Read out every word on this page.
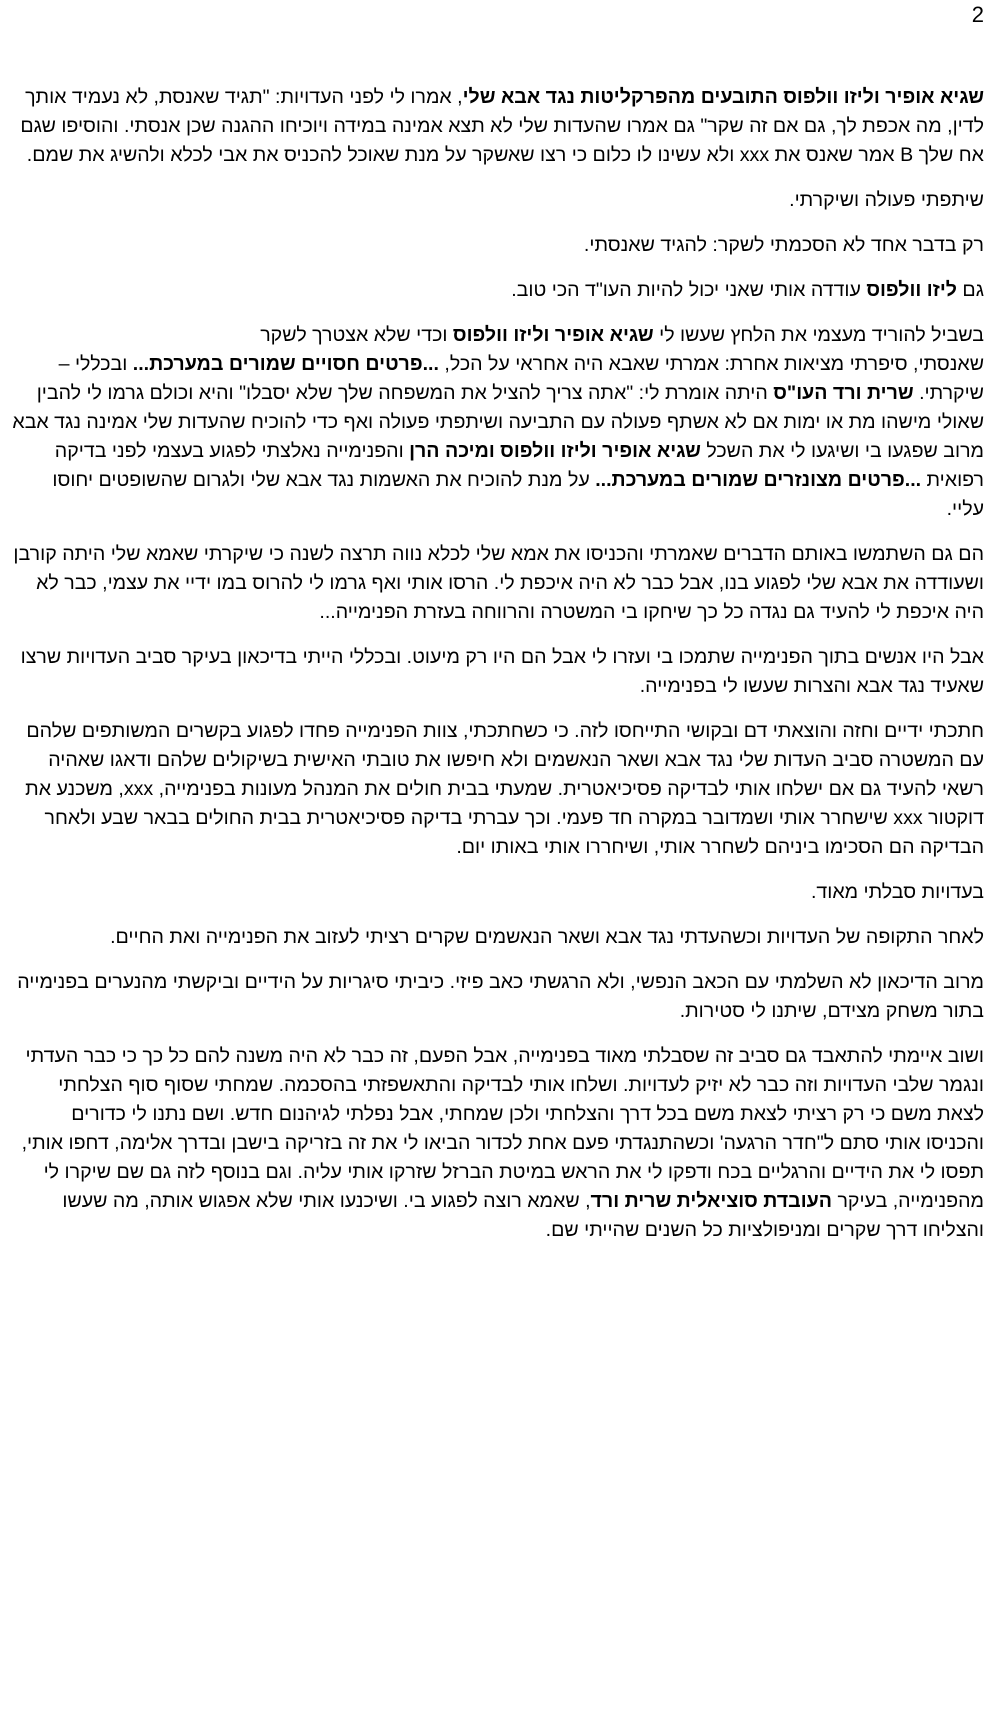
2

שגיא אופיר וליזו וולפוס התובעים מהפרקליטות נגד אבא שלי, אמרו לי לפני העדויות: "תגיד שאנסת, לא נעמיד אותך לדין, מה אכפת לך, גם אם זה שקר" גם אמרו שהעדות שלי לא תצא אמינה במידה ויוכיחו ההגנה שכן אנסתי. והוסיפו שגם אח שלך B אמר שאנס את xxx ולא עשינו לו כלום כי רצו שאשקר על מנת שאוכל להכניס את אבי לכלא ולהשיג את שמם.

שיתפתי פעולה ושיקרתי.

רק בדבר אחד לא הסכמתי לשקר: להגיד שאנסתי.

גם ליזו וולפוס עודדה אותי שאני יכול להיות העו"ד הכי טוב.

בשביל להוריד מעצמי את הלחץ שעשו לי שגיא אופיר וליזו וולפוס וכדי שלא אצטרך לשקר

שאנסתי, סיפרתי מציאות אחרת: אמרתי שאבא היה אחראי על הכל, ...פרטים חסויים שמורים במערכת... ובכללי – שיקרתי. שרית ורד העו"ס היתה אומרת לי: "אתה צריך להציל את המשפחה שלך שלא יסבלו" והיא וכולם גרמו לי להבין שאולי מישהו מת או ימות אם לא אשתף פעולה עם התביעה ושיתפתי פעולה ואף כדי להוכיח שהעדות שלי אמינה נגד אבא מרוב שפגעו בי ושיגעו לי את השכל שגיא אופיר וליזו וולפוס ומיכה הרן והפנימייה נאלצתי לפגוע בעצמי לפני בדיקה רפואית ...פרטים מצונזרים שמורים במערכת... על מנת להוכיח את האשמות נגד אבא שלי ולגרום שהשופטים יחוסו עליי.

הם גם השתמשו באותם הדברים שאמרתי והכניסו את אמא שלי לכלא נווה תרצה לשנה כי שיקרתי שאמא שלי היתה קורבן ושעודדה את אבא שלי לפגוע בנו, אבל כבר לא היה איכפת לי. הרסו אותי ואף גרמו לי להרוס במו ידיי את עצמי, כבר לא היה איכפת לי להעיד גם נגדה כל כך שיחקו בי המשטרה והרווחה בעזרת הפנימייה...

אבל היו אנשים בתוך הפנימייה שתמכו בי ועזרו לי אבל הם היו רק מיעוט. ובכללי הייתי בדיכאון בעיקר סביב העדויות שרצו שאעיד נגד אבא והצרות שעשו לי בפנימייה.

חתכתי ידיים וחזה והוצאתי דם ובקושי התייחסו לזה. כי כשחתכתי, צוות הפנימייה פחדו לפגוע בקשרים המשותפים שלהם עם המשטרה סביב העדות שלי נגד אבא ושאר הנאשמים ולא חיפשו את טובתי האישית בשיקולים שלהם ודאגו שאהיה רשאי להעיד גם אם ישלחו אותי לבדיקה פסיכיאטרית. שמעתי בבית חולים את המנהל מעונות בפנימייה, xxx, משכנע את דוקטור xxx שישחרר אותי ושמדובר במקרה חד פעמי. וכך עברתי בדיקה פסיכיאטרית בבית החולים בבאר שבע ולאחר הבדיקה הם הסכימו ביניהם לשחרר אותי, ושיחררו אותי באותו יום.

בעדויות סבלתי מאוד.

לאחר התקופה של העדויות וכשהעדתי נגד אבא ושאר הנאשמים שקרים רציתי לעזוב את הפנימייה ואת החיים.

מרוב הדיכאון לא השלמתי עם הכאב הנפשי, ולא הרגשתי כאב פיזי. כיביתי סיגריות על הידיים וביקשתי מהנערים בפנימייה בתור משחק מצידם, שיתנו לי סטירות.

ושוב איימתי להתאבד גם סביב זה שסבלתי מאוד בפנימייה, אבל הפעם, זה כבר לא היה משנה להם כל כך כי כבר העדתי ונגמר שלבי העדויות וזה כבר לא יזיק לעדויות. ושלחו אותי לבדיקה והתאשפזתי בהסכמה. שמחתי שסוף סוף הצלחתי לצאת משם כי רק רציתי לצאת משם בכל דרך והצלחתי ולכן שמחתי, אבל נפלתי לגיהנום חדש. ושם נתנו לי כדורים והכניסו אותי סתם ל"חדר הרגעה' וכשהתנגדתי פעם אחת לכדור הביאו לי את זה בזריקה בישבן ובדרך אלימה, דחפו אותי, תפסו לי את הידיים והרגליים בכח ודפקו לי את הראש במיטת הברזל שזרקו אותי עליה. וגם בנוסף לזה גם שם שיקרו לי מהפנימייה, בעיקר העובדת סוציאלית שרית ורד, שאמא רוצה לפגוע בי. ושיכנעו אותי שלא אפגוש אותה, מה שעשו והצליחו דרך שקרים ומניפולציות כל השנים שהייתי שם.
